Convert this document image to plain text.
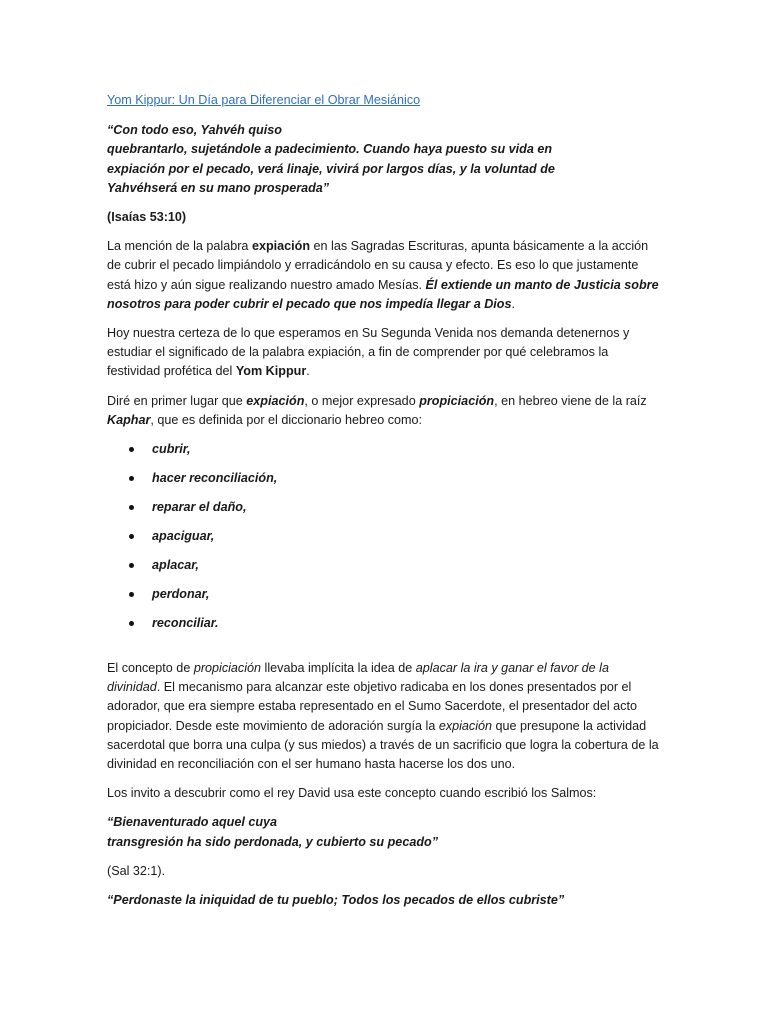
Yom Kippur: Un Día para Diferenciar el Obrar Mesiánico
“Con todo eso, Yahvéh quiso
quebrantarlo, sujetándole a padecimiento. Cuando haya puesto su vida en
expiación por el pecado, verá linaje, vivirá por largos días, y la voluntad de
Yahvéhserá en su mano prosperada”

(Isaías 53:10)

La mención de la palabra expiación en las Sagradas Escrituras, apunta básicamente a la acción de cubrir el pecado limpiándolo y erradicándolo en su causa y efecto. Es eso lo que justamente está hizo y aún sigue realizando nuestro amado Mesías. Él extiende un manto de Justicia sobre nosotros para poder cubrir el pecado que nos impedía llegar a Dios.

Hoy nuestra certeza de lo que esperamos en Su Segunda Venida nos demanda detenernos y estudiar el significado de la palabra expiación, a fin de comprender por qué celebramos la festividad profética del Yom Kippur.

Diré en primer lugar que expiación, o mejor expresado propiciación, en hebreo viene de la raíz Kaphar, que es definida por el diccionario hebreo como:

cubrir,
hacer reconciliación,
reparar el daño,
apaciguar,
aplacar,
perdonar,
reconciliar.

El concepto de propiciación llevaba implícita la idea de aplacar la ira y ganar el favor de la divinidad. El mecanismo para alcanzar este objetivo radicaba en los dones presentados por el adorador, que era siempre estaba representado en el Sumo Sacerdote, el presentador del acto propiciador. Desde este movimiento de adoración surgía la expiación que presupone la actividad sacerdotal que borra una culpa (y sus miedos) a través de un sacrificio que logra la cobertura de la divinidad en reconciliación con el ser humano hasta hacerse los dos uno.

Los invito a descubrir como el rey David usa este concepto cuando escribió los Salmos:

“Bienaventurado aquel cuya
transgresión ha sido perdonada, y cubierto su pecado”

(Sal 32:1).

“Perdonaste la iniquidad de tu pueblo; Todos los pecados de ellos cubriste”
